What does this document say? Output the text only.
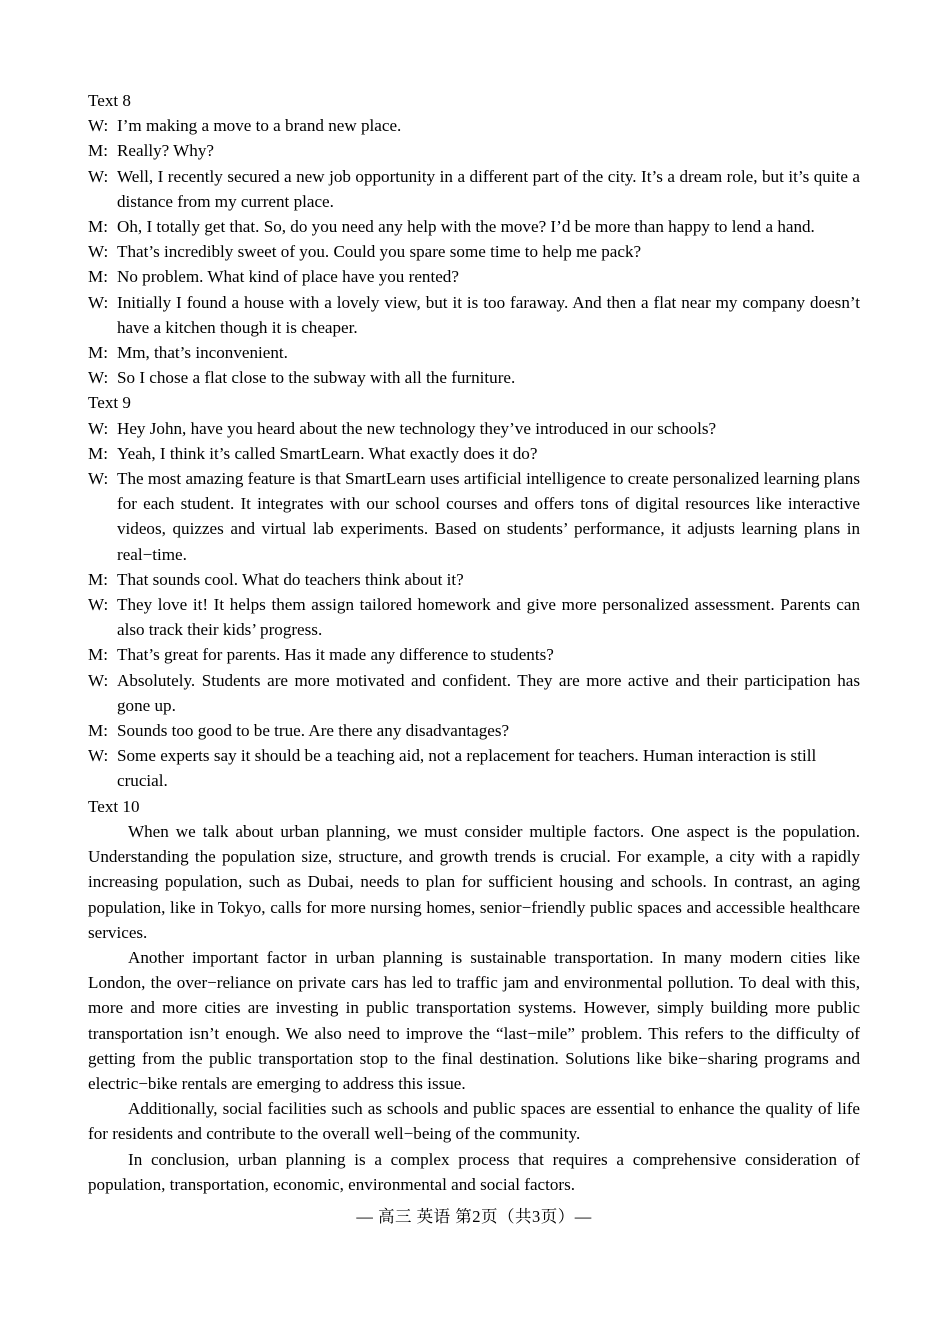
Text 8
W: I’m making a move to a brand new place.
M: Really? Why?
W: Well, I recently secured a new job opportunity in a different part of the city. It’s a dream role, but it’s quite a distance from my current place.
M: Oh, I totally get that. So, do you need any help with the move? I’d be more than happy to lend a hand.
W: That’s incredibly sweet of you. Could you spare some time to help me pack?
M: No problem. What kind of place have you rented?
W: Initially I found a house with a lovely view, but it is too faraway. And then a flat near my company doesn’t have a kitchen though it is cheaper.
M: Mm, that’s inconvenient.
W: So I chose a flat close to the subway with all the furniture.
Text 9
W: Hey John, have you heard about the new technology they’ve introduced in our schools?
M: Yeah, I think it’s called SmartLearn. What exactly does it do?
W: The most amazing feature is that SmartLearn uses artificial intelligence to create personalized learning plans for each student. It integrates with our school courses and offers tons of digital resources like interactive videos, quizzes and virtual lab experiments. Based on students’ performance, it adjusts learning plans in real−time.
M: That sounds cool. What do teachers think about it?
W: They love it! It helps them assign tailored homework and give more personalized assessment. Parents can also track their kids’ progress.
M: That’s great for parents. Has it made any difference to students?
W: Absolutely. Students are more motivated and confident. They are more active and their participation has gone up.
M: Sounds too good to be true. Are there any disadvantages?
W: Some experts say it should be a teaching aid, not a replacement for teachers. Human interaction is still crucial.
Text 10

When we talk about urban planning, we must consider multiple factors. One aspect is the population. Understanding the population size, structure, and growth trends is crucial. For example, a city with a rapidly increasing population, such as Dubai, needs to plan for sufficient housing and schools. In contrast, an aging population, like in Tokyo, calls for more nursing homes, senior−friendly public spaces and accessible healthcare services.

Another important factor in urban planning is sustainable transportation. In many modern cities like London, the over−reliance on private cars has led to traffic jam and environmental pollution. To deal with this, more and more cities are investing in public transportation systems. However, simply building more public transportation isn’t enough. We also need to improve the “last−mile” problem. This refers to the difficulty of getting from the public transportation stop to the final destination. Solutions like bike−sharing programs and electric−bike rentals are emerging to address this issue.

Additionally, social facilities such as schools and public spaces are essential to enhance the quality of life for residents and contribute to the overall well−being of the community.

In conclusion, urban planning is a complex process that requires a comprehensive consideration of population, transportation, economic, environmental and social factors.

— 高三 英语 第2页（共3页）—
